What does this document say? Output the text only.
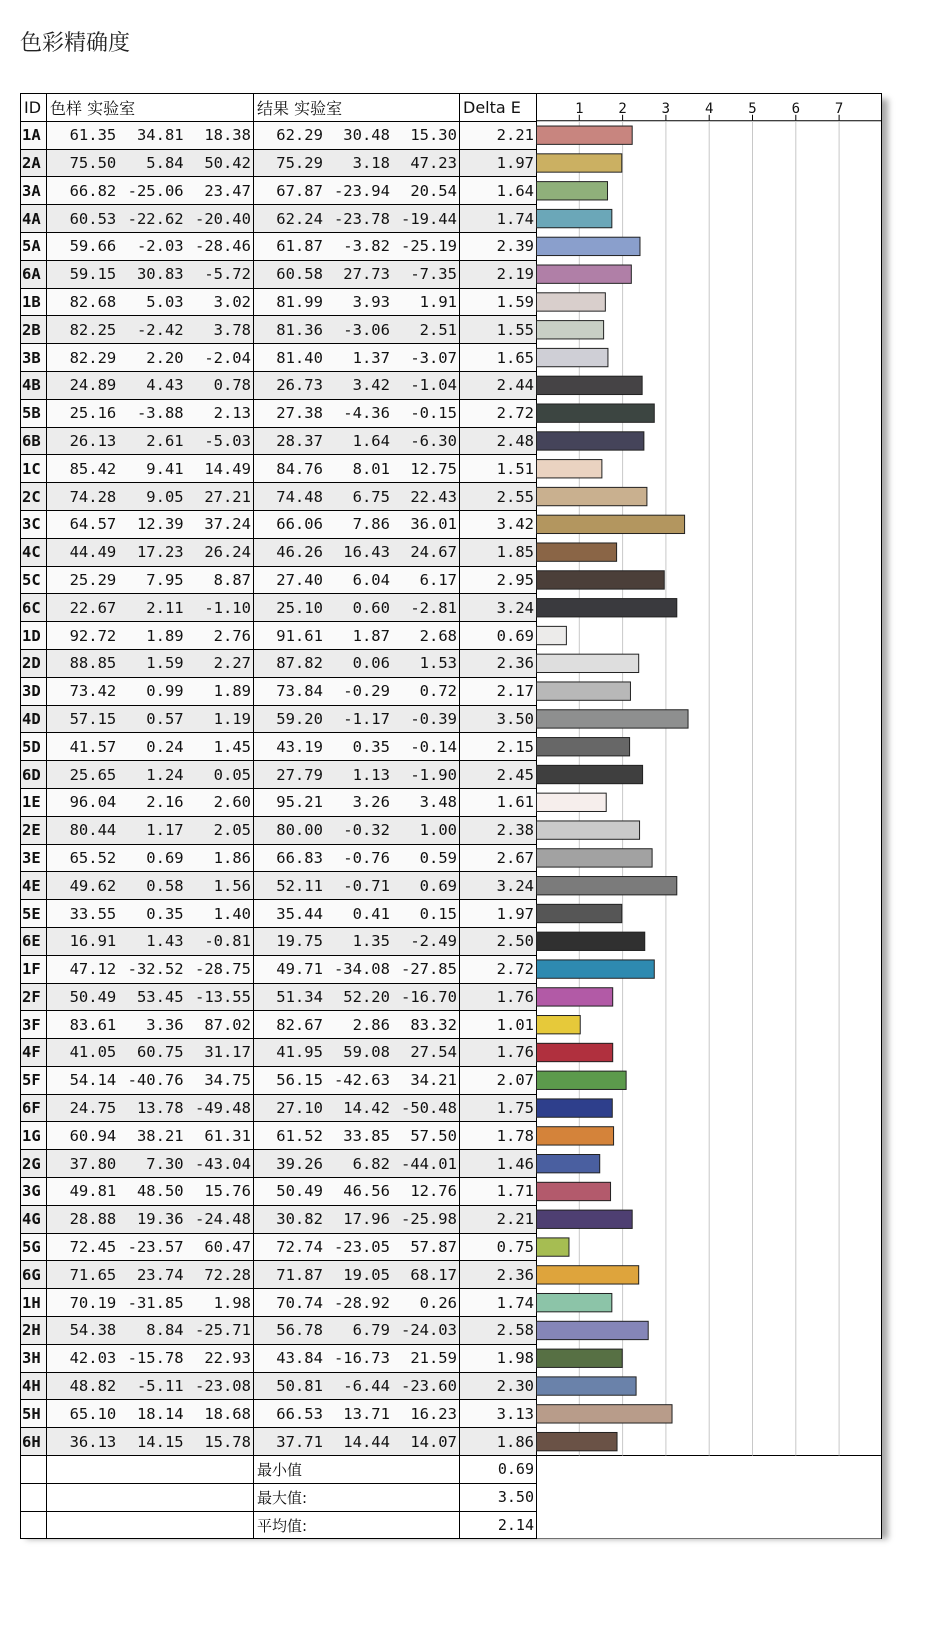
色彩精确度
ID	色样 实验室	结果 实验室	Delta E
1A	61.35 34.81 18.38	62.29 30.48 15.30	2.21
2A	75.50 5.84 50.42	75.29 3.18 47.23	1.97
3A	66.82 -25.06 23.47	67.87 -23.94 20.54	1.64
4A	60.53 -22.62 -20.40	62.24 -23.78 -19.44	1.74
5A	59.66 -2.03 -28.46	61.87 -3.82 -25.19	2.39
6A	59.15 30.83 -5.72	60.58 27.73 -7.35	2.19
1B	82.68 5.03 3.02	81.99 3.93 1.91	1.59
2B	82.25 -2.42 3.78	81.36 -3.06 2.51	1.55
3B	82.29 2.20 -2.04	81.40 1.37 -3.07	1.65
4B	24.89 4.43 0.78	26.73 3.42 -1.04	2.44
5B	25.16 -3.88 2.13	27.38 -4.36 -0.15	2.72
6B	26.13 2.61 -5.03	28.37 1.64 -6.30	2.48
1C	85.42 9.41 14.49	84.76 8.01 12.75	1.51
2C	74.28 9.05 27.21	74.48 6.75 22.43	2.55
3C	64.57 12.39 37.24	66.06 7.86 36.01	3.42
4C	44.49 17.23 26.24	46.26 16.43 24.67	1.85
5C	25.29 7.95 8.87	27.40 6.04 6.17	2.95
6C	22.67 2.11 -1.10	25.10 0.60 -2.81	3.24
1D	92.72 1.89 2.76	91.61 1.87 2.68	0.69
2D	88.85 1.59 2.27	87.82 0.06 1.53	2.36
3D	73.42 0.99 1.89	73.84 -0.29 0.72	2.17
4D	57.15 0.57 1.19	59.20 -1.17 -0.39	3.50
5D	41.57 0.24 1.45	43.19 0.35 -0.14	2.15
6D	25.65 1.24 0.05	27.79 1.13 -1.90	2.45
1E	96.04 2.16 2.60	95.21 3.26 3.48	1.61
2E	80.44 1.17 2.05	80.00 -0.32 1.00	2.38
3E	65.52 0.69 1.86	66.83 -0.76 0.59	2.67
4E	49.62 0.58 1.56	52.11 -0.71 0.69	3.24
5E	33.55 0.35 1.40	35.44 0.41 0.15	1.97
6E	16.91 1.43 -0.81	19.75 1.35 -2.49	2.50
1F	47.12 -32.52 -28.75	49.71 -34.08 -27.85	2.72
2F	50.49 53.45 -13.55	51.34 52.20 -16.70	1.76
3F	83.61 3.36 87.02	82.67 2.86 83.32	1.01
4F	41.05 60.75 31.17	41.95 59.08 27.54	1.76
5F	54.14 -40.76 34.75	56.15 -42.63 34.21	2.07
6F	24.75 13.78 -49.48	27.10 14.42 -50.48	1.75
1G	60.94 38.21 61.31	61.52 33.85 57.50	1.78
2G	37.80 7.30 -43.04	39.26 6.82 -44.01	1.46
3G	49.81 48.50 15.76	50.49 46.56 12.76	1.71
4G	28.88 19.36 -24.48	30.82 17.96 -25.98	2.21
5G	72.45 -23.57 60.47	72.74 -23.05 57.87	0.75
6G	71.65 23.74 72.28	71.87 19.05 68.17	2.36
1H	70.19 -31.85 1.98	70.74 -28.92 0.26	1.74
2H	54.38 8.84 -25.71	56.78 6.79 -24.03	2.58
3H	42.03 -15.78 22.93	43.84 -16.73 21.59	1.98
4H	48.82 -5.11 -23.08	50.81 -6.44 -23.60	2.30
5H	65.10 18.14 18.68	66.53 13.71 16.23	3.13
6H	36.13 14.15 15.78	37.71 14.44 14.07	1.86
		最小值	0.69
		最大值:	3.50
		平均值:	2.14
1 2 3 4 5 6 7
